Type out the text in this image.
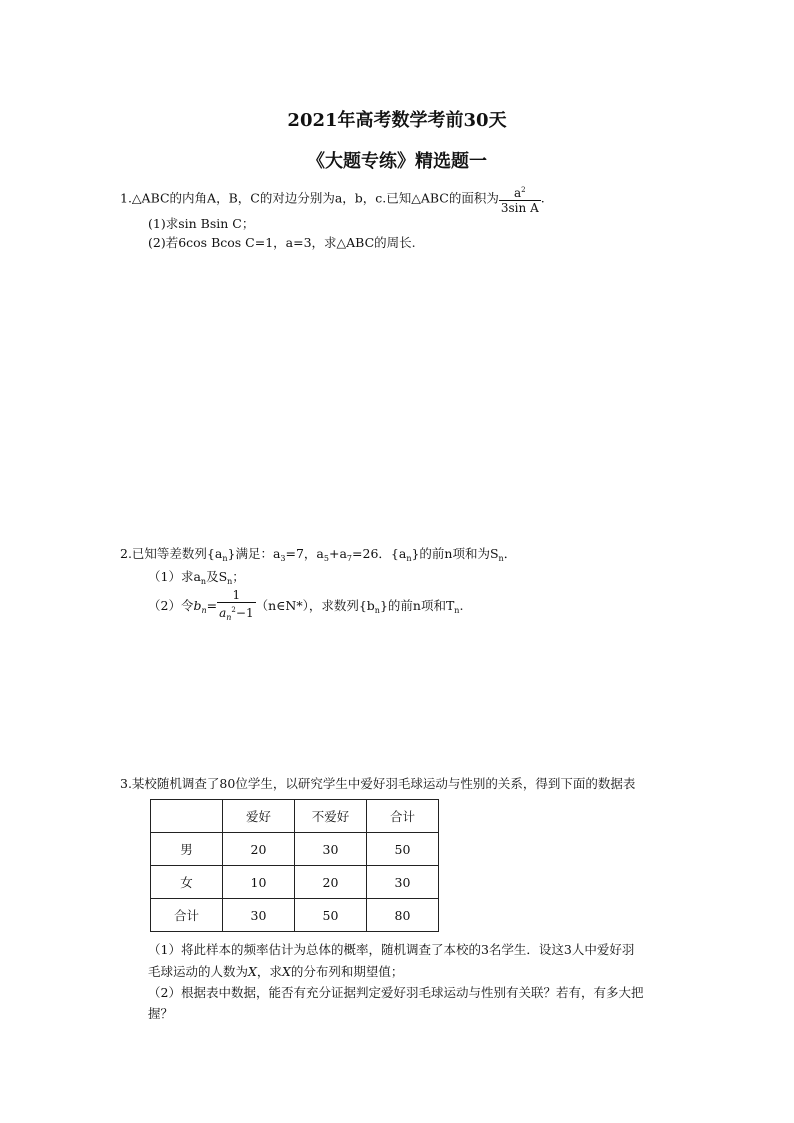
2021年高考数学考前30天
《大题专练》精选题一
1.△ABC的内角A，B，C的对边分别为a，b，c.已知△ABC的面积为 $\frac{a^2}{\text{3sin A}}$ .
(1)求sin Bsin C；
(2)若6cos Bcos C=1，a=3，求△ABC的周长.
2.已知等差数列$\{a_n\}$满足：$a_3=7$，$a_5+a_7=26$．$\{a_n\}$的前n项和为$S_n$．
（1）求$a_n$及$S_n$；
（2）令$b_n= \frac{1}{a_n^2-1}$ （n∈N*），求数列$\{b_n\}$的前n项和$T_n$.
3.某校随机调查了80位学生，以研究学生中爱好羽毛球运动与性别的关系，得到下面的数据表
	爱好	不爱好	合计
男	20	30	50
女	10	20	30
合计	30	50	80
（1）将此样本的频率估计为总体的概率，随机调查了本校的3名学生．设这3人中爱好羽
毛球运动的人数为X，求X的分布列和期望值；
（2）根据表中数据，能否有充分证据判定爱好羽毛球运动与性别有关联？若有，有多大把
握？
